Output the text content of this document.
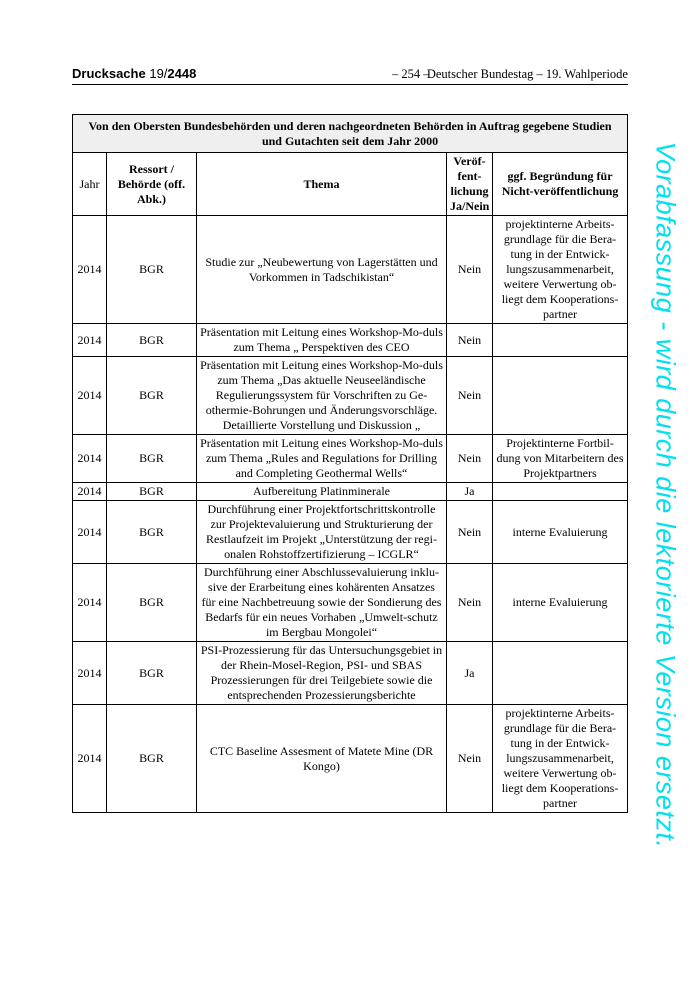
Drucksache 19/2448	– 254 –
Deutscher Bundestag – 19. Wahlperiode
Von den Obersten Bundesbehörden und deren nachgeordneten Behörden in Auftrag gegebene Studien und Gutachten seit dem Jahr 2000				
Jahr	Ressort / Behörde (off. Abk.)	Thema	Veröf-fent-lichung Ja/Nein	ggf. Begründung für Nicht-veröffentlichung
2014	BGR	Studie zur „Neubewertung von Lagerstätten und Vorkommen in Tadschikistan“	Nein	projektinterne Arbeits-grundlage für die Bera-tung in der Entwick-lungszusammenarbeit, weitere Verwertung ob-liegt dem Kooperations-partner
2014	BGR	Präsentation mit Leitung eines Workshop-Mo-duls zum Thema „ Perspektiven des CEO	Nein	
2014	BGR	Präsentation mit Leitung eines Workshop-Mo-duls zum Thema „Das aktuelle Neuseeländische Regulierungssystem für Vorschriften zu Ge-othermie-Bohrungen und Änderungsvorschläge. Detaillierte Vorstellung und Diskussion „	Nein	
2014	BGR	Präsentation mit Leitung eines Workshop-Mo-duls zum Thema „Rules and Regulations for Drilling and Completing Geothermal Wells“	Nein	Projektinterne Fortbil-dung von Mitarbeitern des Projektpartners
2014	BGR	Aufbereitung Platinminerale	Ja	
2014	BGR	Durchführung einer Projektfortschrittskontrolle zur Projektevaluierung und Strukturierung der Restlaufzeit im Projekt „Unterstützung der regi-onalen Rohstoffzertifizierung – ICGLR“	Nein	interne Evaluierung
2014	BGR	Durchführung einer Abschlussevaluierung inklu-sive der Erarbeitung eines kohärenten Ansatzes für eine Nachbetreuung sowie der Sondierung des Bedarfs für ein neues Vorhaben „Umwelt-schutz im Bergbau Mongolei“	Nein	interne Evaluierung
2014	BGR	PSI-Prozessierung für das Untersuchungsgebiet in der Rhein-Mosel-Region, PSI- und SBAS Prozessierungen für drei Teilgebiete sowie die entsprechenden Prozessierungsberichte	Ja	
2014	BGR	CTC Baseline Assesment of Matete Mine (DR Kongo)	Nein	projektinterne Arbeits-grundlage für die Bera-tung in der Entwick-lungszusammenarbeit, weitere Verwertung ob-liegt dem Kooperations-partner	Vorabfassung - wird durch die lektorierte Version ersetzt.
